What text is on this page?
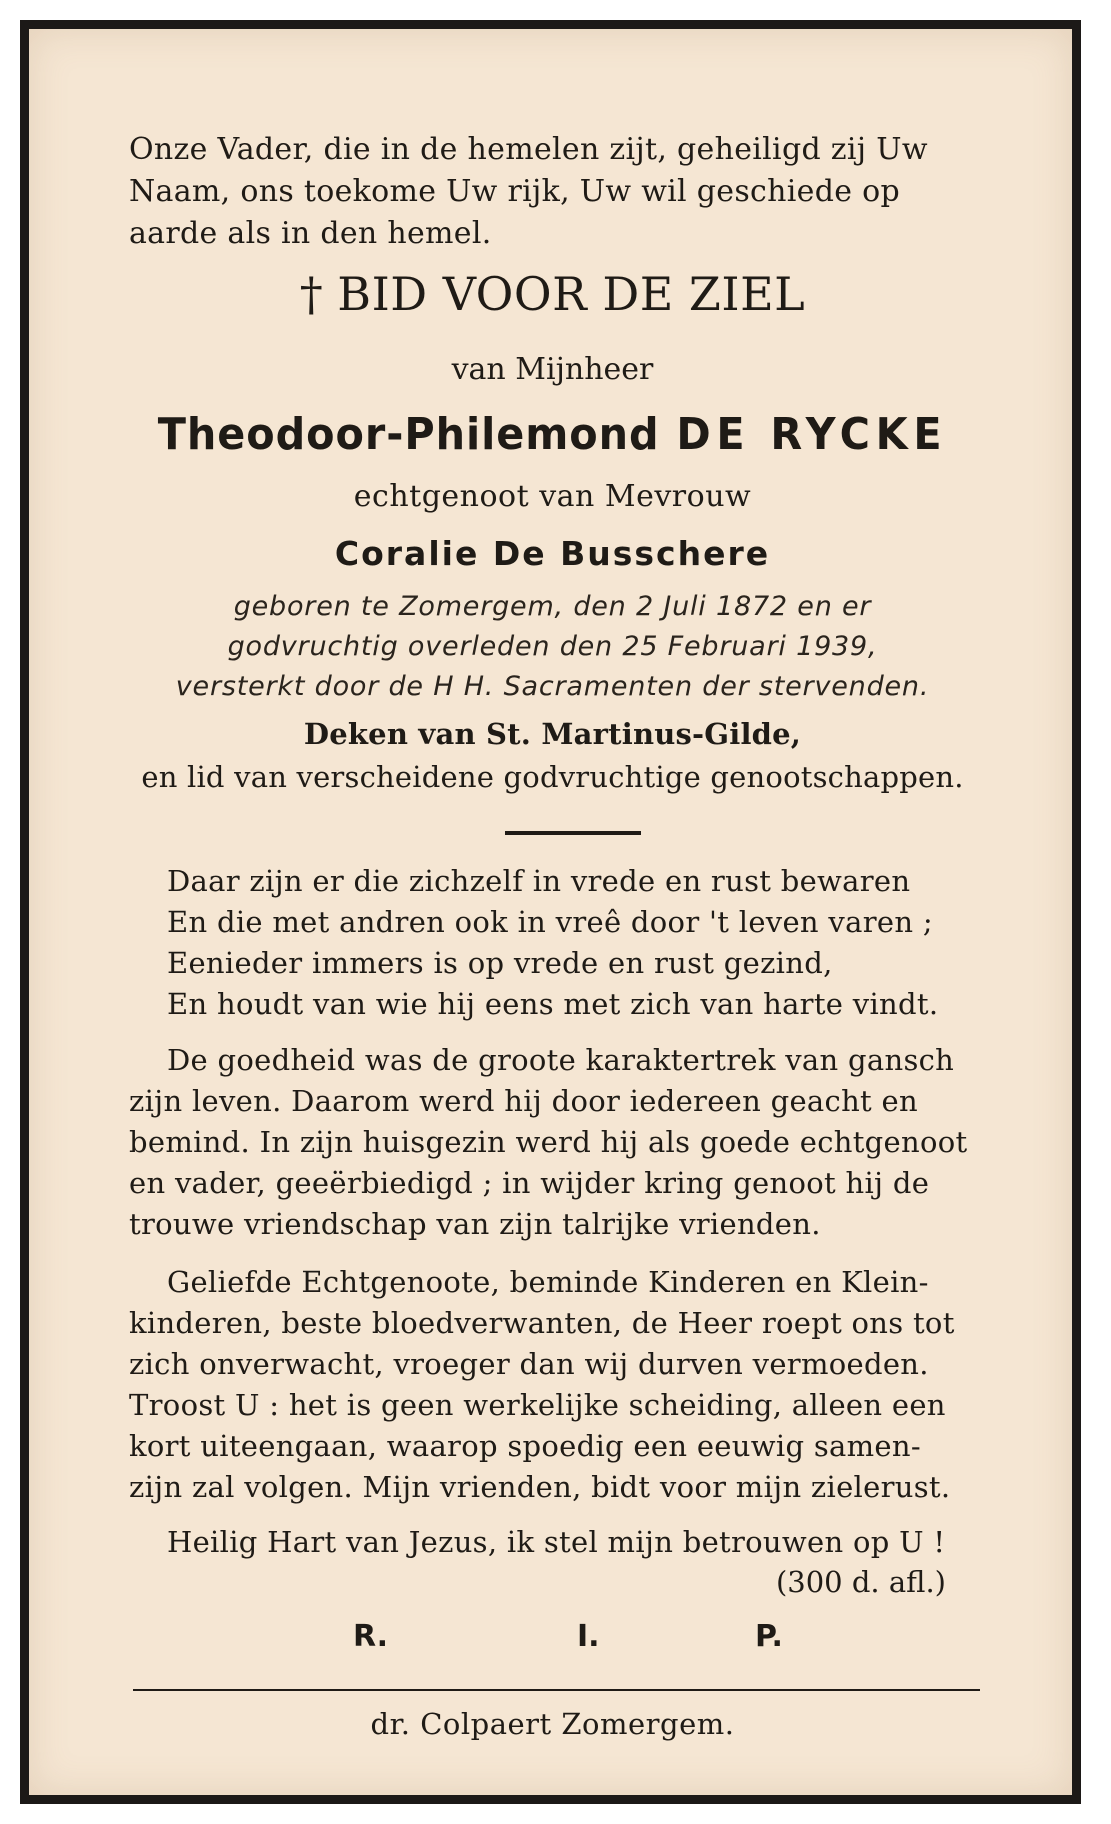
Onze Vader, die in de hemelen zijt, geheiligd zij Uw
Naam, ons toekome Uw rijk, Uw wil geschiede op
aarde als in den hemel.
† BID VOOR DE ZIEL
van Mijnheer
Theodoor-Philemond DE RYCKE
echtgenoot van Mevrouw
Coralie De Busschere
geboren te Zomergem, den 2 Juli 1872 en er
godvruchtig overleden den 25 Februari 1939,
versterkt door de H H. Sacramenten der stervenden.
Deken van St. Martinus-Gilde,
en lid van verscheidene godvruchtige genootschappen.
Daar zijn er die zichzelf in vrede en rust bewaren
En die met andren ook in vreê door 't leven varen ;
Eenieder immers is op vrede en rust gezind,
En houdt van wie hij eens met zich van harte vindt.
De goedheid was de groote karaktertrek van gansch
zijn leven. Daarom werd hij door iedereen geacht en
bemind. In zijn huisgezin werd hij als goede echtgenoot
en vader, geeërbiedigd ; in wijder kring genoot hij de
trouwe vriendschap van zijn talrijke vrienden.
Geliefde Echtgenoote, beminde Kinderen en Klein-
kinderen, beste bloedverwanten, de Heer roept ons tot
zich onverwacht, vroeger dan wij durven vermoeden.
Troost U : het is geen werkelijke scheiding, alleen een
kort uiteengaan, waarop spoedig een eeuwig samen-
zijn zal volgen. Mijn vrienden, bidt voor mijn zielerust.
Heilig Hart van Jezus, ik stel mijn betrouwen op U !
(300 d. afl.)
R.	I.	P.
dr. Colpaert Zomergem.
